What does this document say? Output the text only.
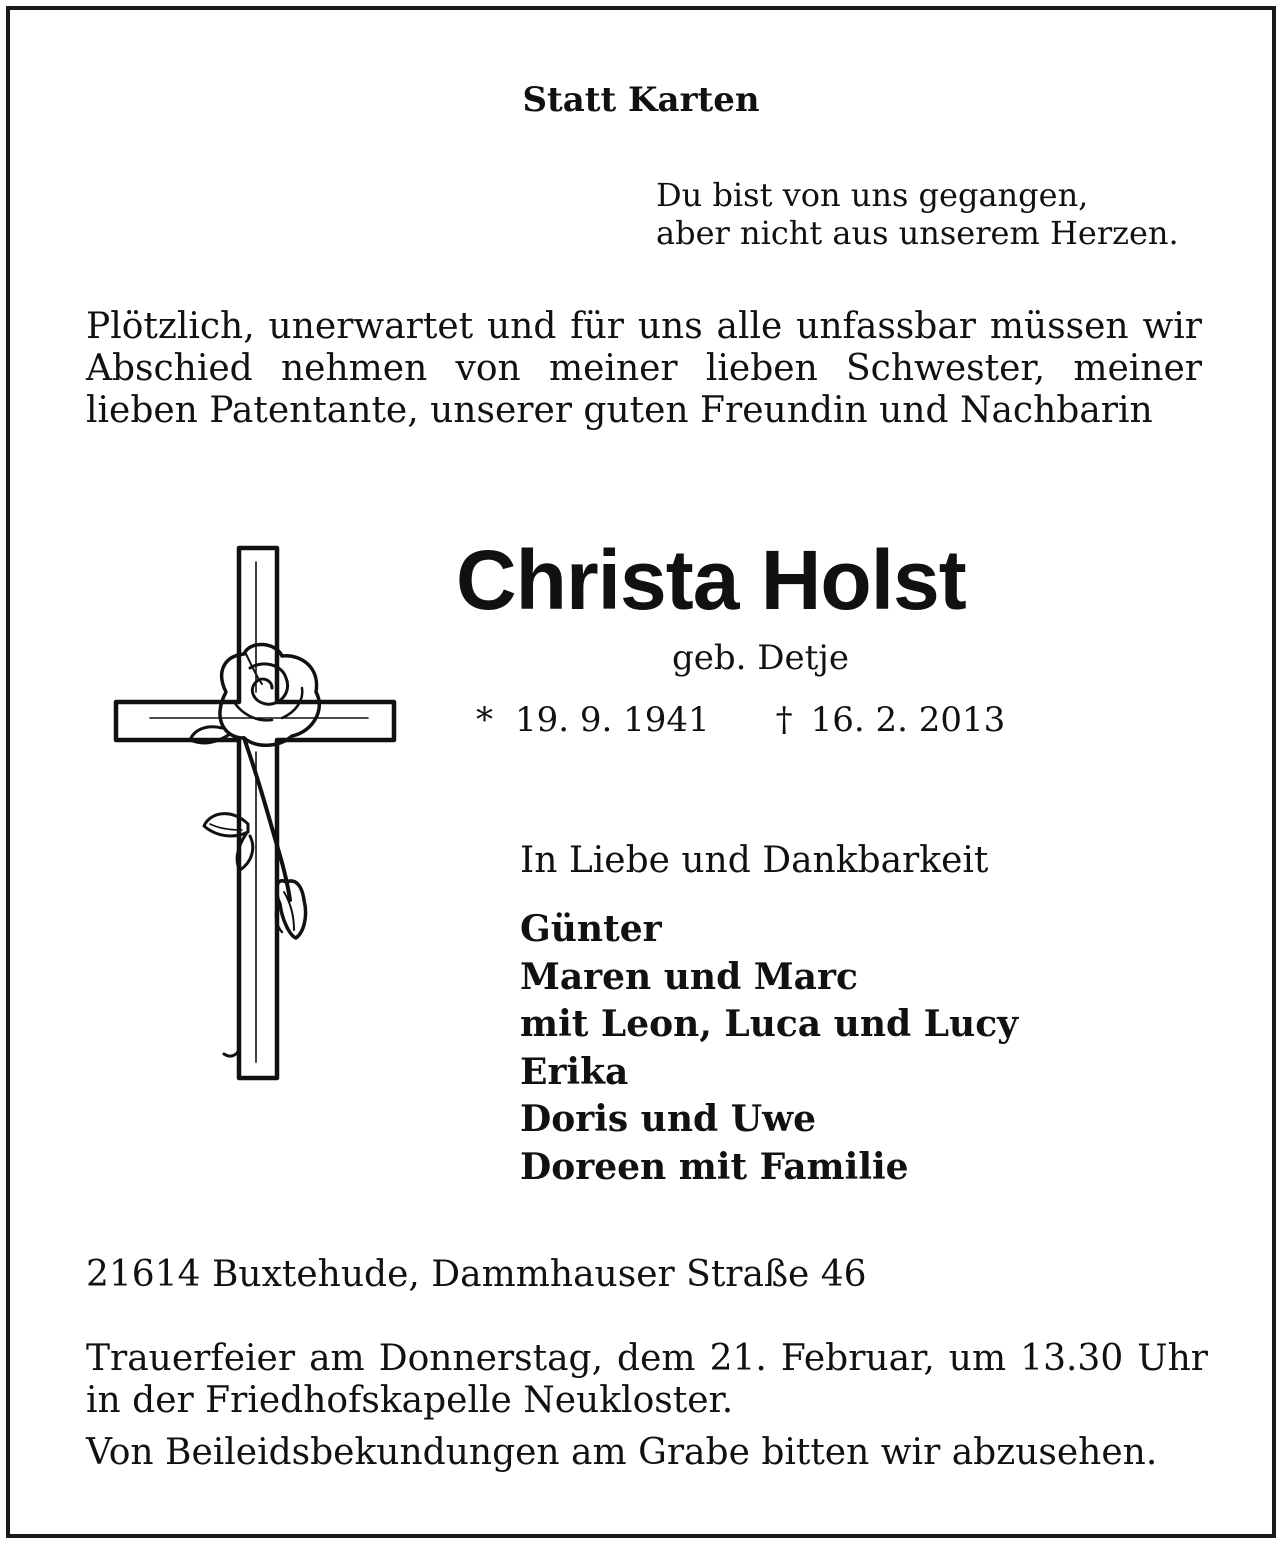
Statt Karten
Du bist von uns gegangen,
aber nicht aus unserem Herzen.
Plötzlich, unerwartet und für uns alle unfassbar müssen wir Abschied nehmen von meiner lieben Schwester, meiner lieben Patentante, unserer guten Freundin und Nachbarin
Christa Holst
geb. Detje
* 19. 9. 1941 † 16. 2. 2013
In Liebe und Dankbarkeit
Günter
Maren und Marc
mit Leon, Luca und Lucy
Erika
Doris und Uwe
Doreen mit Familie
21614 Buxtehude, Dammhauser Straße 46
Trauerfeier am Donnerstag, dem 21. Februar, um 13.30 Uhr in der Friedhofskapelle Neukloster.
Von Beileidsbekundungen am Grabe bitten wir abzusehen.
